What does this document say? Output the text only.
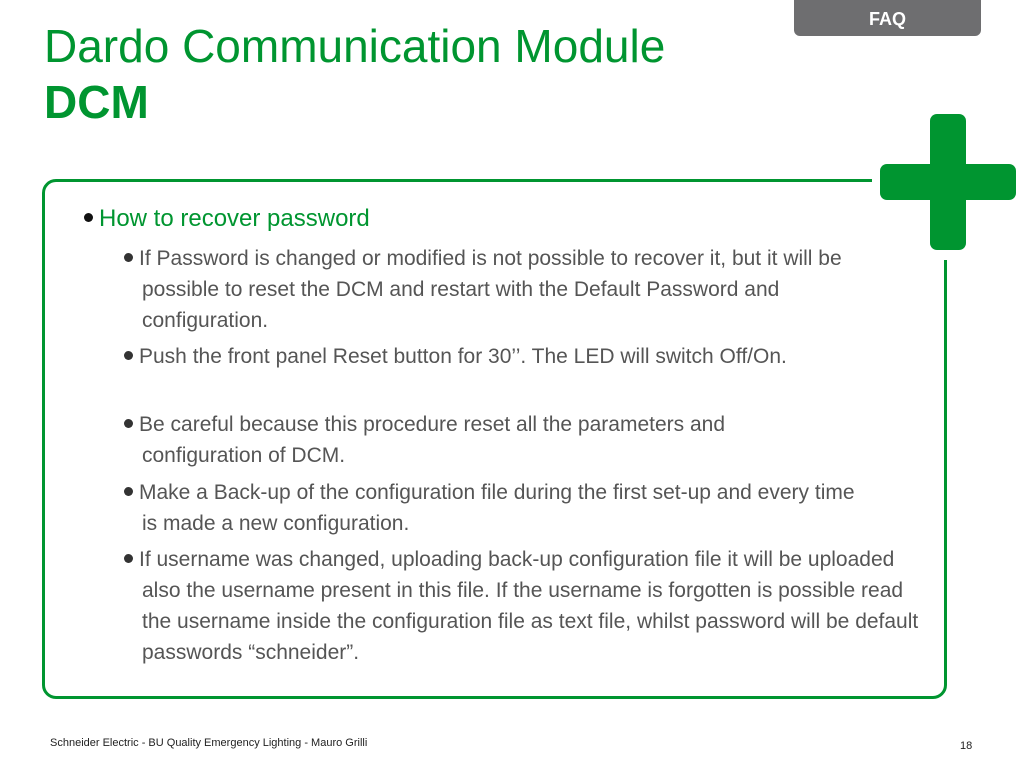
FAQ
Dardo Communication Module
DCM
How to recover password
If Password is changed or modified is not possible to recover it, but it will be possible to reset the DCM and restart with the Default Password and configuration.
Push the front panel Reset button for 30’’. The LED will switch Off/On.
Be careful because this procedure reset all the parameters and configuration of DCM.
Make a Back-up of the configuration file during the first set-up and every time is made a new configuration.
If username was changed, uploading back-up configuration file it will be uploaded also the username present in this file. If the username is forgotten is possible read the username inside the configuration file as text file, whilst password will be default passwords “schneider”.
Schneider Electric - BU Quality Emergency Lighting - Mauro Grilli	18
